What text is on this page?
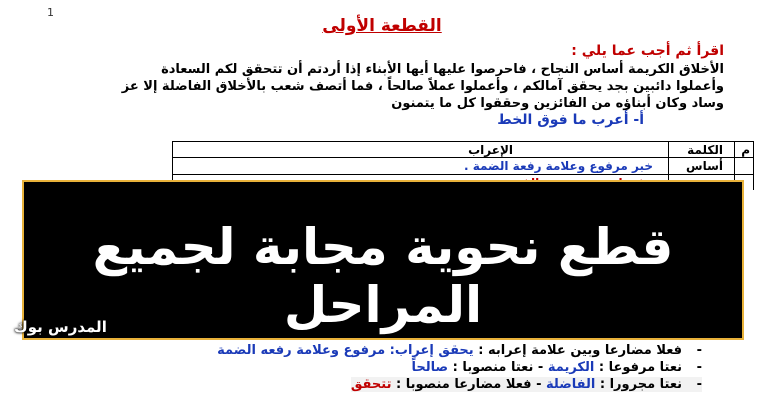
1
القطعة الأولى
اقرأ ثم أجب عما يلي :
الأخلاق الكريمة أساس النجاح ، فاحرصوا عليها أيها الأبناء إذا أردتم أن تتحقق لكم السعادة
وأعملوا دائبين بجد يحقق آمالكم ، وأعملوا عملاً صالحاً ، فما أتصف شعب بالأخلاق الفاضلة إلا عز
وساد وكان أبناؤه من الفائزين وحققوا كل ما يتمنون
أ- أعرب ما فوق الخط
م
الكلمة
الإعراب
أساس
خبر مرفوع وعلامة رفعة الضمة .
قطع نحوية مجابة لجميع المراحل
المدرس بوك
- فعلا مضارعا وبين علامة إعرابه : يحقق إعراب: مرفوع وعلامة رفعه الضمة
- نعتا مرفوعا : الكريمة - نعتا منصوبا : صالحاً
- نعتا مجرورا : الفاضلة - فعلا مضارعا منصوبا : تتحقق
